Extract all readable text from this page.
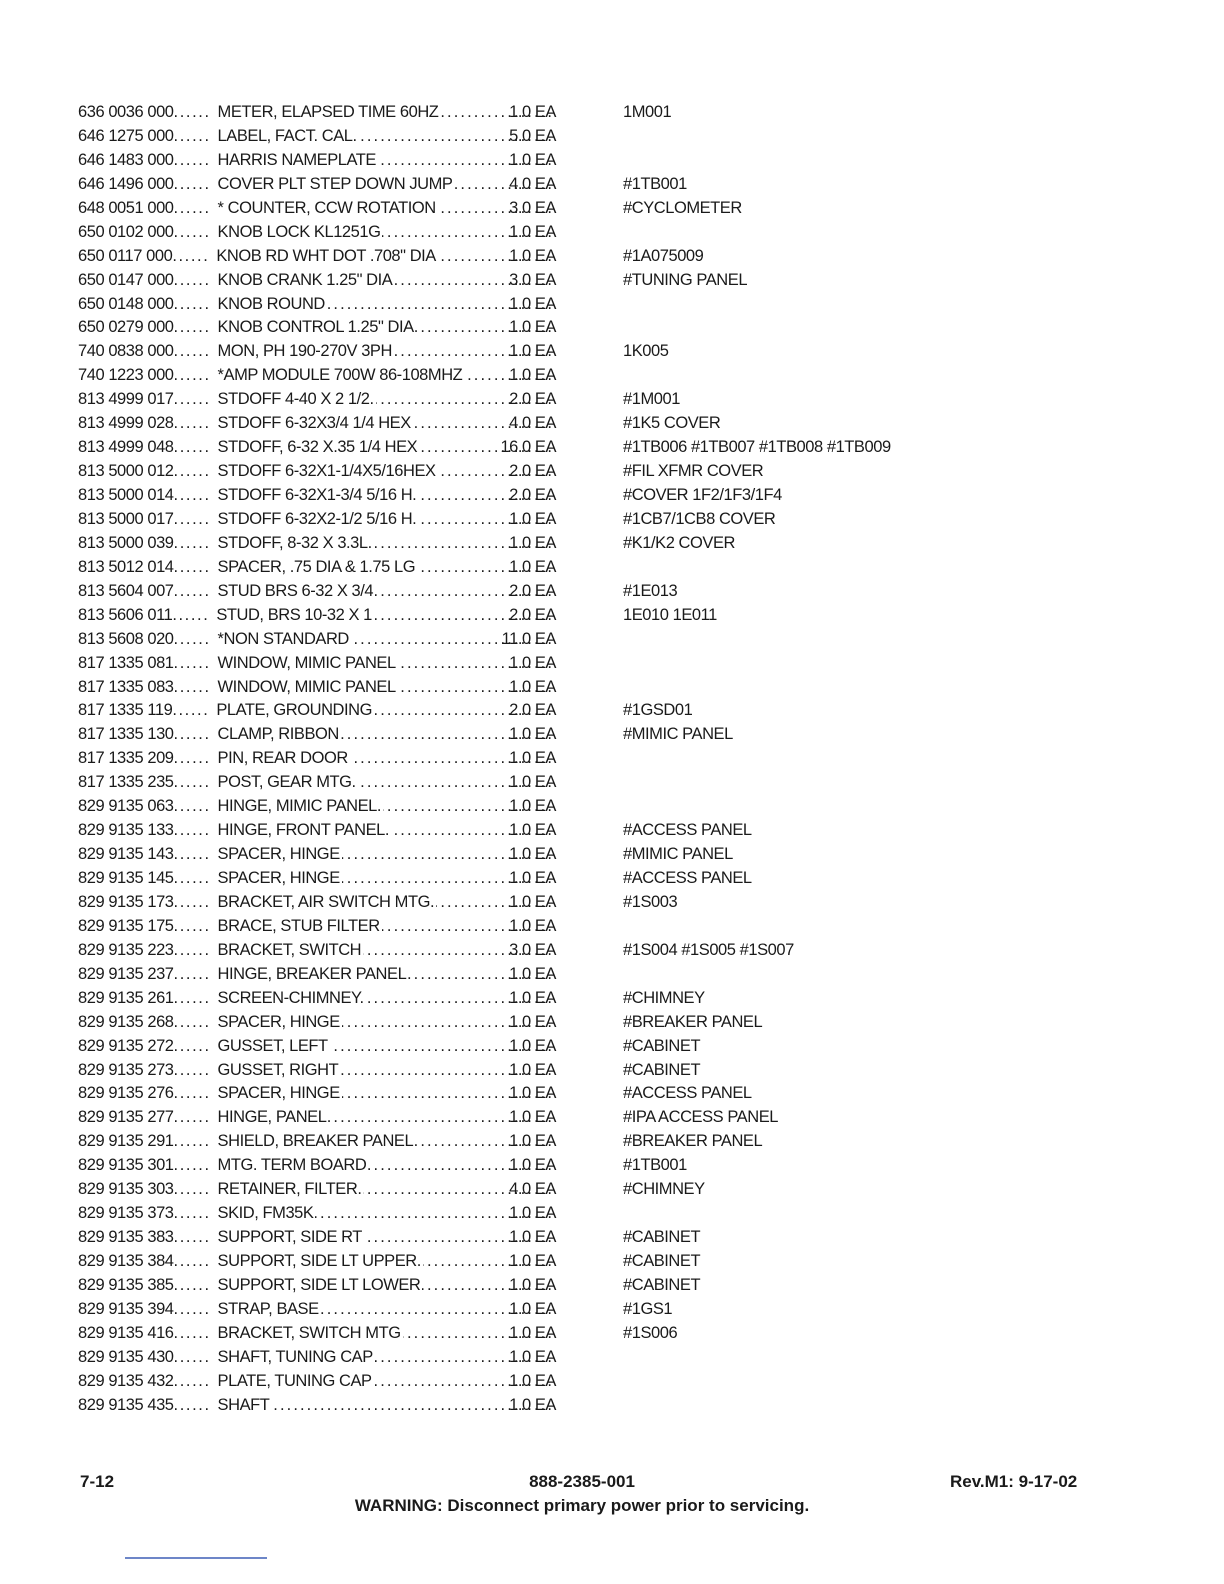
636 0036 000 ......	METER, ELAPSED TIME 60HZ .....	1.0 EA	1M001
646 1275 000 ......	LABEL, FACT. CAL. .....	5.0 EA
646 1483 000 ......	HARRIS NAMEPLATE .....	1.0 EA
646 1496 000 ......	COVER PLT STEP DOWN JUMP .....	4.0 EA	#1TB001
648 0051 000 ......	* COUNTER, CCW ROTATION .....	3.0 EA	#CYCLOMETER
650 0102 000 ......	KNOB LOCK KL1251G .....	1.0 EA
650 0117 000 ......	KNOB RD WHT DOT .708" DIA .....	1.0 EA	#1A075009
650 0147 000 ......	KNOB CRANK 1.25" DIA .....	3.0 EA	#TUNING PANEL
650 0148 000 ......	KNOB ROUND .....	1.0 EA
650 0279 000 ......	KNOB CONTROL 1.25" DIA. .....	1.0 EA
740 0838 000 ......	MON, PH 190-270V 3PH .....	1.0 EA	1K005
740 1223 000 ......	*AMP MODULE 700W 86-108MHZ .....	1.0 EA
813 4999 017 ......	STDOFF 4-40 X 2 1/2. .....	2.0 EA	#1M001
813 4999 028 ......	STDOFF 6-32X3/4 1/4 HEX .....	4.0 EA	#1K5 COVER
813 4999 048 ......	STDOFF, 6-32 X.35 1/4 HEX .....	16.0 EA	#1TB006 #1TB007 #1TB008 #1TB009
813 5000 012 ......	STDOFF 6-32X1-1/4X5/16HEX .....	2.0 EA	#FIL XFMR COVER
813 5000 014 ......	STDOFF 6-32X1-3/4 5/16 H. .....	2.0 EA	#COVER 1F2/1F3/1F4
813 5000 017 ......	STDOFF 6-32X2-1/2 5/16 H. .....	1.0 EA	#1CB7/1CB8 COVER
813 5000 039 ......	STDOFF, 8-32 X 3.3L. .....	1.0 EA	#K1/K2 COVER
813 5012 014 ......	SPACER, .75 DIA & 1.75 LG .....	1.0 EA
813 5604 007 ......	STUD BRS 6-32 X 3/4 .....	2.0 EA	#1E013
813 5606 011 ......	STUD, BRS 10-32 X 1 .....	2.0 EA	1E010 1E011
813 5608 020 ......	*NON STANDARD .....	11.0 EA
817 1335 081 ......	WINDOW, MIMIC PANEL .....	1.0 EA
817 1335 083 ......	WINDOW, MIMIC PANEL .....	1.0 EA
817 1335 119 ......	PLATE, GROUNDING .....	2.0 EA	#1GSD01
817 1335 130 ......	CLAMP, RIBBON .....	1.0 EA	#MIMIC PANEL
817 1335 209 ......	PIN, REAR DOOR .....	1.0 EA
817 1335 235 ......	POST, GEAR MTG. .....	1.0 EA
829 9135 063 ......	HINGE, MIMIC PANEL. .....	1.0 EA
829 9135 133 ......	HINGE, FRONT PANEL. .....	1.0 EA	#ACCESS PANEL
829 9135 143 ......	SPACER, HINGE .....	1.0 EA	#MIMIC PANEL
829 9135 145 ......	SPACER, HINGE .....	1.0 EA	#ACCESS PANEL
829 9135 173 ......	BRACKET, AIR SWITCH MTG. .....	1.0 EA	#1S003
829 9135 175 ......	BRACE, STUB FILTER .....	1.0 EA
829 9135 223 ......	BRACKET, SWITCH .....	3.0 EA	#1S004 #1S005 #1S007
829 9135 237 ......	HINGE, BREAKER PANEL .....	1.0 EA
829 9135 261 ......	SCREEN-CHIMNEY. .....	1.0 EA	#CHIMNEY
829 9135 268 ......	SPACER, HINGE .....	1.0 EA	#BREAKER PANEL
829 9135 272 ......	GUSSET, LEFT .....	1.0 EA	#CABINET
829 9135 273 ......	GUSSET, RIGHT .....	1.0 EA	#CABINET
829 9135 276 ......	SPACER, HINGE .....	1.0 EA	#ACCESS PANEL
829 9135 277 ......	HINGE, PANEL .....	1.0 EA	#IPA ACCESS PANEL
829 9135 291 ......	SHIELD, BREAKER PANEL .....	1.0 EA	#BREAKER PANEL
829 9135 301 ......	MTG. TERM BOARD .....	1.0 EA	#1TB001
829 9135 303 ......	RETAINER, FILTER. .....	4.0 EA	#CHIMNEY
829 9135 373 ......	SKID, FM35K .....	1.0 EA
829 9135 383 ......	SUPPORT, SIDE RT .....	1.0 EA	#CABINET
829 9135 384 ......	SUPPORT, SIDE LT UPPER. .....	1.0 EA	#CABINET
829 9135 385 ......	SUPPORT, SIDE LT LOWER .....	1.0 EA	#CABINET
829 9135 394 ......	STRAP, BASE .....	1.0 EA	#1GS1
829 9135 416 ......	BRACKET, SWITCH MTG .....	1.0 EA	#1S006
829 9135 430 ......	SHAFT, TUNING CAP .....	1.0 EA
829 9135 432 ......	PLATE, TUNING CAP .....	1.0 EA
829 9135 435 ......	SHAFT .....	1.0 EA
7-12	888-2385-001	Rev.M1: 9-17-02
WARNING: Disconnect primary power prior to servicing.
